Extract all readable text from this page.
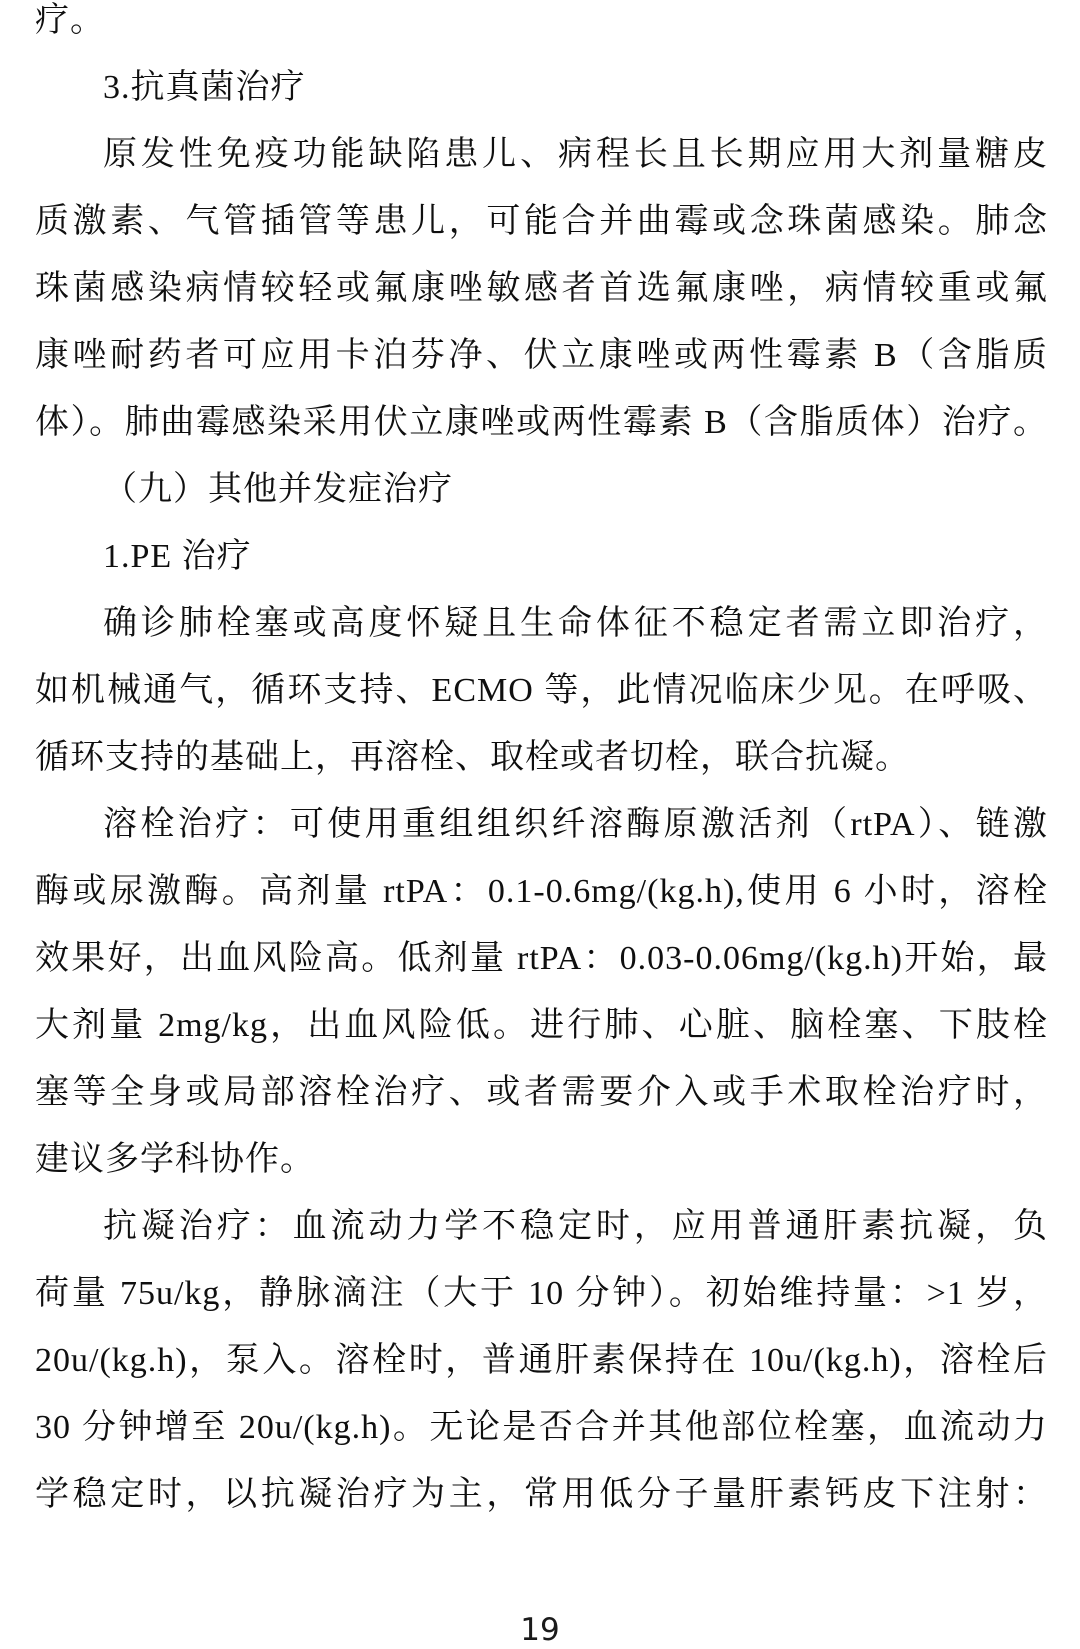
疗。
3.抗真菌治疗
原发性免疫功能缺陷患儿、病程长且长期应用大剂量糖皮
质激素、气管插管等患儿，可能合并曲霉或念珠菌感染。肺念
珠菌感染病情较轻或氟康唑敏感者首选氟康唑，病情较重或氟
康唑耐药者可应用卡泊芬净、伏立康唑或两性霉素 B（含脂质
体）。肺曲霉感染采用伏立康唑或两性霉素 B（含脂质体）治疗。
（九）其他并发症治疗
1.PE 治疗
确诊肺栓塞或高度怀疑且生命体征不稳定者需立即治疗，
如机械通气，循环支持、ECMO 等，此情况临床少见。在呼吸、
循环支持的基础上，再溶栓、取栓或者切栓，联合抗凝。
溶栓治疗：可使用重组组织纤溶酶原激活剂（rtPA）、链激
酶或尿激酶。高剂量 rtPA：0.1-0.6mg/(kg.h),使用 6 小时，溶栓
效果好，出血风险高。低剂量 rtPA：0.03-0.06mg/(kg.h)开始，最
大剂量 2mg/kg，出血风险低。进行肺、心脏、脑栓塞、下肢栓
塞等全身或局部溶栓治疗、或者需要介入或手术取栓治疗时，
建议多学科协作。
抗凝治疗：血流动力学不稳定时，应用普通肝素抗凝，负
荷量 75u/kg，静脉滴注（大于 10 分钟）。初始维持量：>1 岁，
20u/(kg.h)，泵入。溶栓时，普通肝素保持在 10u/(kg.h)，溶栓后
30 分钟增至 20u/(kg.h)。无论是否合并其他部位栓塞，血流动力
学稳定时，以抗凝治疗为主，常用低分子量肝素钙皮下注射：
19
